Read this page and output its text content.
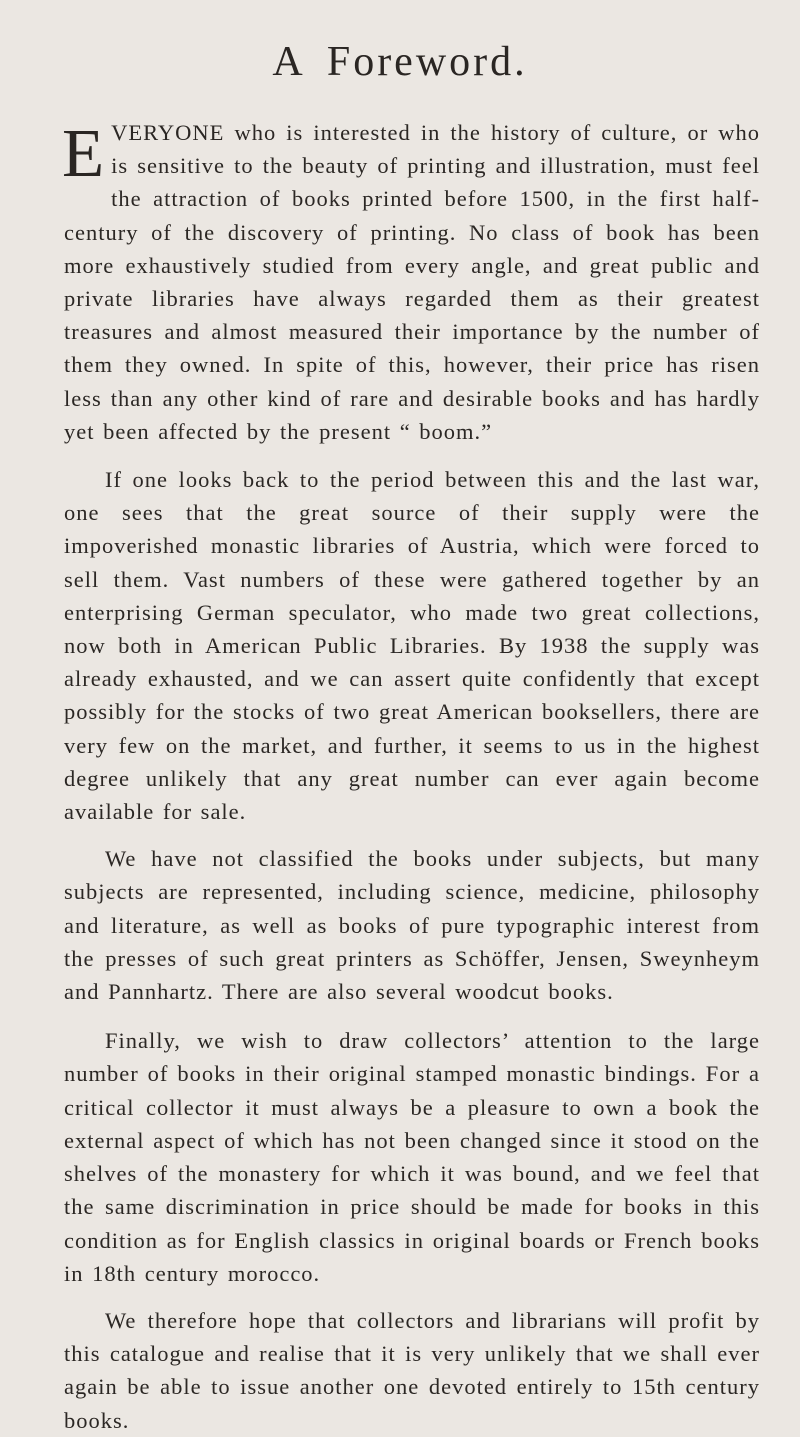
A Foreword.

EVERYONE who is interested in the history of culture, or who is sensitive to the beauty of printing and illustration, must feel the attraction of books printed before 1500, in the first half-century of the discovery of printing. No class of book has been more exhaustively studied from every angle, and great public and private libraries have always regarded them as their greatest treasures and almost measured their importance by the number of them they owned. In spite of this, however, their price has risen less than any other kind of rare and desirable books and has hardly yet been affected by the present “ boom.”

If one looks back to the period between this and the last war, one sees that the great source of their supply were the impoverished monastic libraries of Austria, which were forced to sell them. Vast numbers of these were gathered together by an enterprising German speculator, who made two great collections, now both in American Public Libraries. By 1938 the supply was already exhausted, and we can assert quite confidently that except possibly for the stocks of two great American booksellers, there are very few on the market, and further, it seems to us in the highest degree unlikely that any great number can ever again become available for sale.

We have not classified the books under subjects, but many subjects are represented, including science, medicine, philosophy and literature, as well as books of pure typographic interest from the presses of such great printers as Schöffer, Jensen, Sweynheym and Pannhartz. There are also several woodcut books.

Finally, we wish to draw collectors’ attention to the large number of books in their original stamped monastic bindings. For a critical collector it must always be a pleasure to own a book the external aspect of which has not been changed since it stood on the shelves of the monastery for which it was bound, and we feel that the same discrimination in price should be made for books in this condition as for English classics in original boards or French books in 18th century morocco.

We therefore hope that collectors and librarians will profit by this catalogue and realise that it is very unlikely that we shall ever again be able to issue another one devoted entirely to 15th century books.
